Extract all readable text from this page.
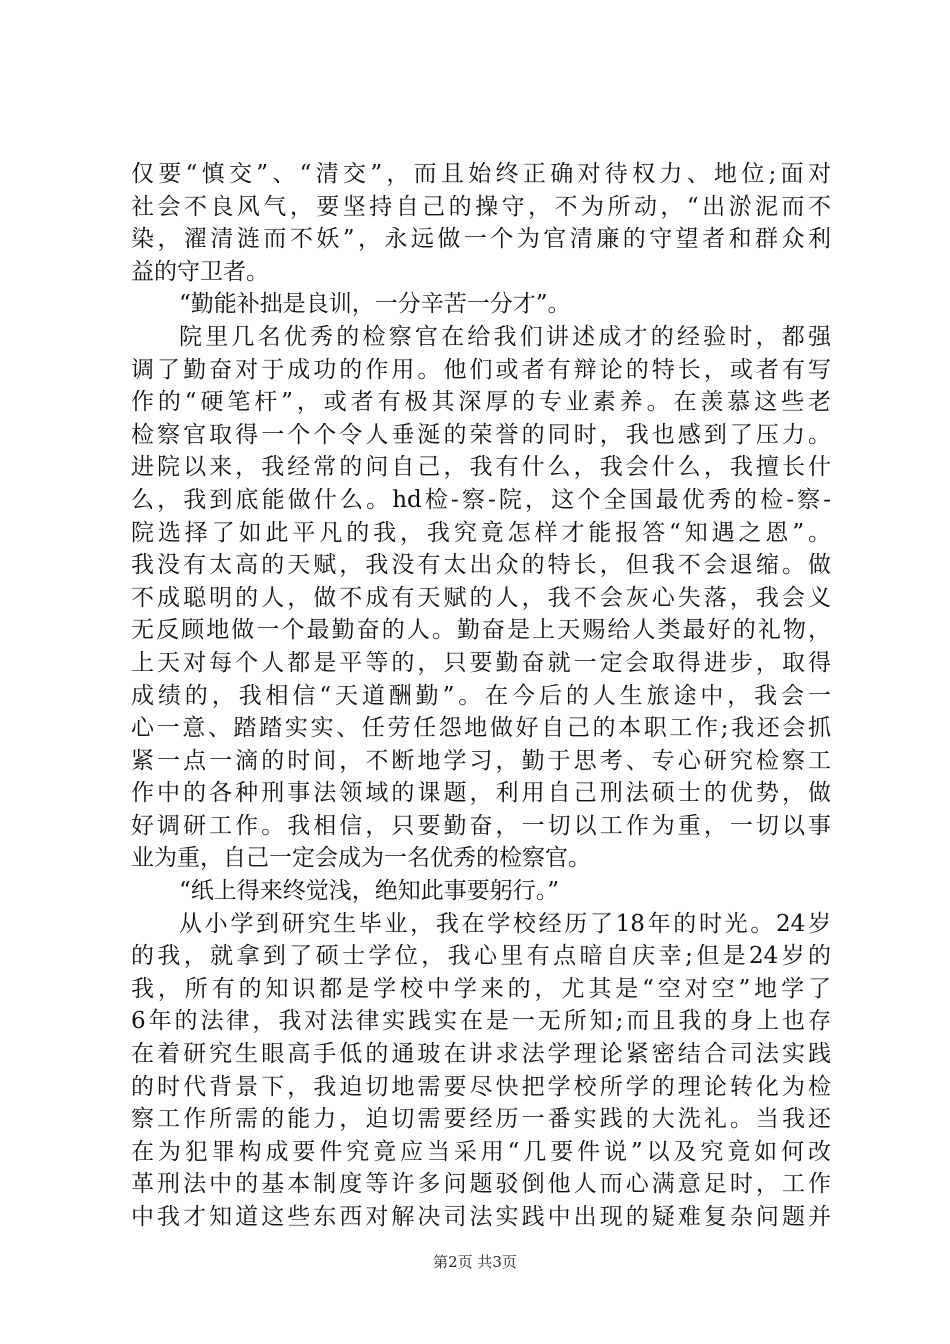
仅要“慎交”、“清交”，而且始终正确对待权力、地位;面对
社会不良风气，要坚持自己的操守，不为所动，“出淤泥而不
染，濯清涟而不妖”，永远做一个为官清廉的守望者和群众利
益的守卫者。
“勤能补拙是良训，一分辛苦一分才”。
院里几名优秀的检察官在给我们讲述成才的经验时，都强
调了勤奋对于成功的作用。他们或者有辩论的特长，或者有写
作的“硬笔杆”，或者有极其深厚的专业素养。在羡慕这些老
检察官取得一个个令人垂涎的荣誉的同时，我也感到了压力。
进院以来，我经常的问自己，我有什么，我会什么，我擅长什
么，我到底能做什么。hd检-察-院，这个全国最优秀的检-察-
院选择了如此平凡的我，我究竟怎样才能报答“知遇之恩”。
我没有太高的天赋，我没有太出众的特长，但我不会退缩。做
不成聪明的人，做不成有天赋的人，我不会灰心失落，我会义
无反顾地做一个最勤奋的人。勤奋是上天赐给人类最好的礼物，
上天对每个人都是平等的，只要勤奋就一定会取得进步，取得
成绩的，我相信“天道酬勤”。在今后的人生旅途中，我会一
心一意、踏踏实实、任劳任怨地做好自己的本职工作;我还会抓
紧一点一滴的时间，不断地学习，勤于思考、专心研究检察工
作中的各种刑事法领域的课题，利用自己刑法硕士的优势，做
好调研工作。我相信，只要勤奋，一切以工作为重，一切以事
业为重，自己一定会成为一名优秀的检察官。
“纸上得来终觉浅，绝知此事要躬行。”
从小学到研究生毕业，我在学校经历了18年的时光。24岁
的我，就拿到了硕士学位，我心里有点暗自庆幸;但是24岁的
我，所有的知识都是学校中学来的，尤其是“空对空”地学了
6年的法律，我对法律实践实在是一无所知;而且我的身上也存
在着研究生眼高手低的通玻在讲求法学理论紧密结合司法实践
的时代背景下，我迫切地需要尽快把学校所学的理论转化为检
察工作所需的能力，迫切需要经历一番实践的大洗礼。当我还
在为犯罪构成要件究竟应当采用“几要件说”以及究竟如何改
革刑法中的基本制度等许多问题驳倒他人而心满意足时，工作
中我才知道这些东西对解决司法实践中出现的疑难复杂问题并
第2页 共3页
